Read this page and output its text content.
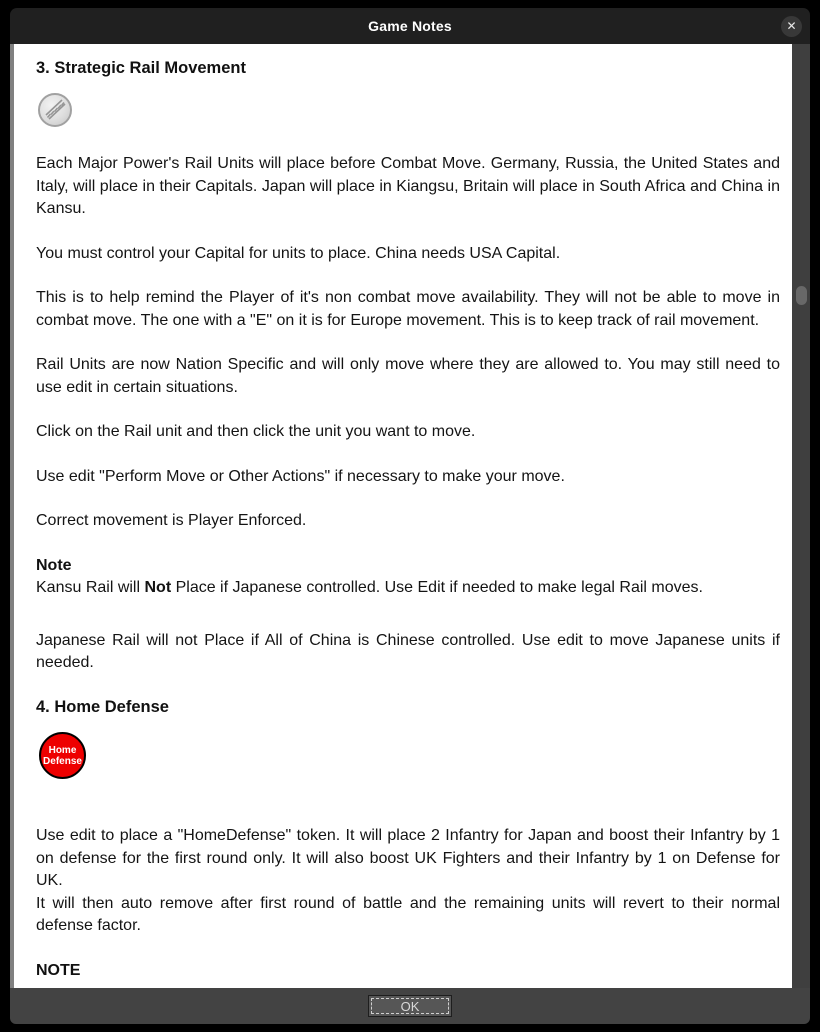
Game Notes	✕
3. Strategic Rail Movement

Each Major Power's Rail Units will place before Combat Move. Germany, Russia, the United States and Italy, will place in their Capitals. Japan will place in Kiangsu, Britain will place in South Africa and China in Kansu.

You must control your Capital for units to place. China needs USA Capital.

This is to help remind the Player of it's non combat move availability. They will not be able to move in combat move. The one with a "E" on it is for Europe movement. This is to keep track of rail movement.

Rail Units are now Nation Specific and will only move where they are allowed to. You may still need to use edit in certain situations.

Click on the Rail unit and then click the unit you want to move.

Use edit "Perform Move or Other Actions" if necessary to make your move.

Correct movement is Player Enforced.

Note

Kansu Rail will Not Place if Japanese controlled. Use Edit if needed to make legal Rail moves.

Japanese Rail will not Place if All of China is Chinese controlled. Use edit to move Japanese units if needed.

4. Home Defense
Home
Defense

Use edit to place a "HomeDefense" token. It will place 2 Infantry for Japan and boost their Infantry by 1 on defense for the first round only. It will also boost UK Fighters and their Infantry by 1 on Defense for UK.

It will then auto remove after first round of battle and the remaining units will revert to their normal defense factor.

NOTE
OK
